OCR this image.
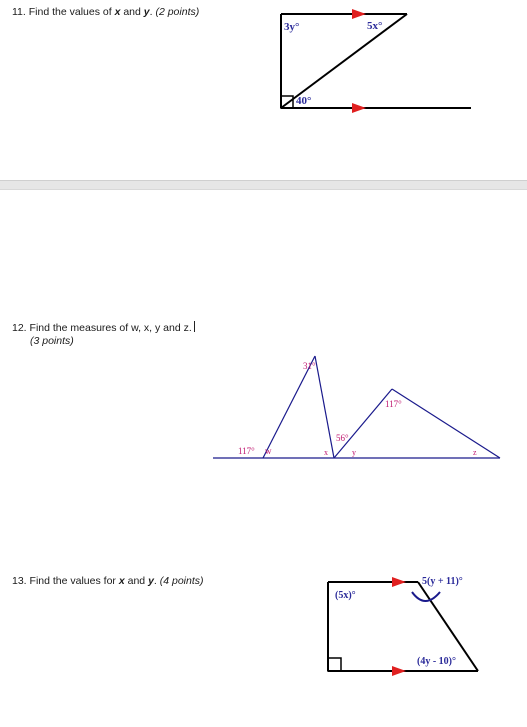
11. Find the values of x and y. (2 points)
3y°	5x°
40°
12. Find the measures of w, x, y and z.
(3 points)
117° w
31°
56°
x	y
117°
z
13. Find the values for x and y. (4 points)
(5x)°
5(y + 11)°
(4y - 10)°
